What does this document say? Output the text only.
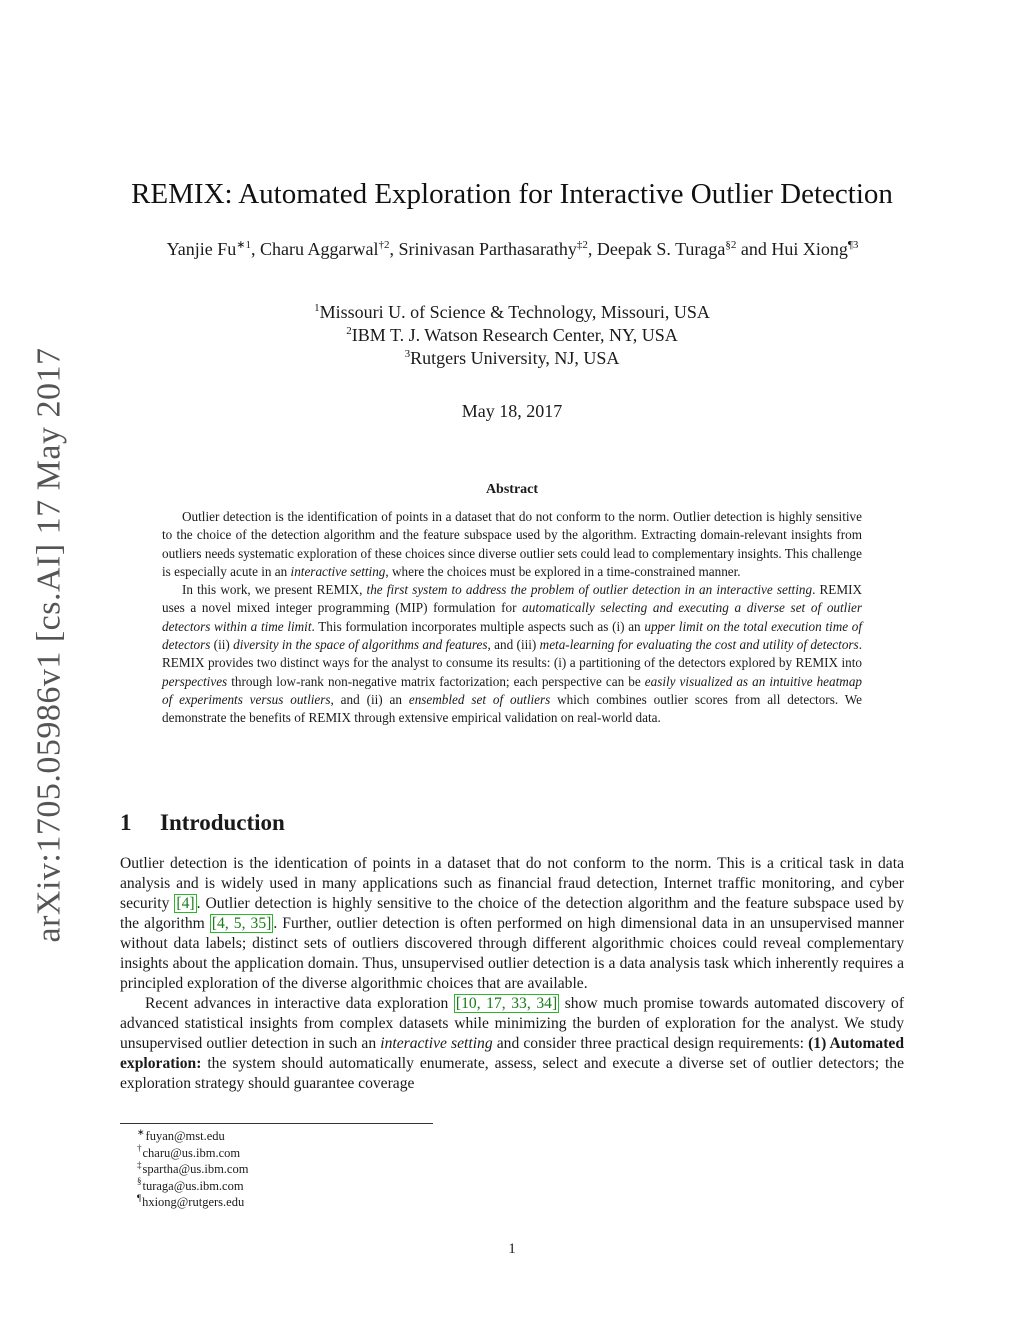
arXiv:1705.05986v1 [cs.AI] 17 May 2017
REMIX: Automated Exploration for Interactive Outlier Detection
Yanjie $Fu^{∗1}$, Charu Aggarwal$^{\dagger 2}$, Srinivasan Parthasarathy$^{\ddagger 2}$, Deepak S. Turaga$^{\S 2}$ and Hui Xiong$^{\P 3}$
$^1$Missouri U. of Science & Technology, Missouri, USA
$^2$IBM T. J. Watson Research Center, NY, USA
$^3$Rutgers University, NJ, USA
May 18, 2017
Abstract

Outlier detection is the identification of points in a dataset that do not conform to the norm. Outlier detection is highly sensitive to the choice of the detection algorithm and the feature subspace used by the algorithm. Extracting domain-relevant insights from outliers needs systematic exploration of these choices since diverse outlier sets could lead to complementary insights. This challenge is especially acute in an interactive setting, where the choices must be explored in a time-constrained manner.

In this work, we present REMIX, the first system to address the problem of outlier detection in an interactive setting. REMIX uses a novel mixed integer programming (MIP) formulation for automatically selecting and executing a diverse set of outlier detectors within a time limit. This formulation incorporates multiple aspects such as (i) an upper limit on the total execution time of detectors (ii) diversity in the space of algorithms and features, and (iii) meta-learning for evaluating the cost and utility of detectors. REMIX provides two distinct ways for the analyst to consume its results: (i) a partitioning of the detectors explored by REMIX into perspectives through low-rank non-negative matrix factorization; each perspective can be easily visualized as an intuitive heatmap of experiments versus outliers, and (ii) an ensembled set of outliers which combines outlier scores from all detectors. We demonstrate the benefits of REMIX through extensive empirical validation on real-world data.

1 Introduction

Outlier detection is the identication of points in a dataset that do not conform to the norm. This is a critical task in data analysis and is widely used in many applications such as financial fraud detection, Internet traffic monitoring, and cyber security [4] . Outlier detection is highly sensitive to the choice of the detection algorithm and the feature subspace used by the algorithm [4, 5, 35] . Further, outlier detection is often performed on high dimensional data in an unsupervised manner without data labels; distinct sets of outliers discovered through different algorithmic choices could reveal complementary insights about the application domain. Thus, unsupervised outlier detection is a data analysis task which inherently requires a principled exploration of the diverse algorithmic choices that are available.

Recent advances in interactive data exploration [10, 17, 33, 34] show much promise towards automated discovery of advanced statistical insights from complex datasets while minimizing the burden of exploration for the analyst. We study unsupervised outlier detection in such an interactive setting and consider three practical design requirements: (1) Automated exploration: the system should automatically enumerate, assess, select and execute a diverse set of outlier detectors; the exploration strategy should guarantee coverage

∗fuyan@mst.edu
†charu@us.ibm.com
‡spartha@us.ibm.com
§turaga@us.ibm.com
¶hxiong@rutgers.edu
1
